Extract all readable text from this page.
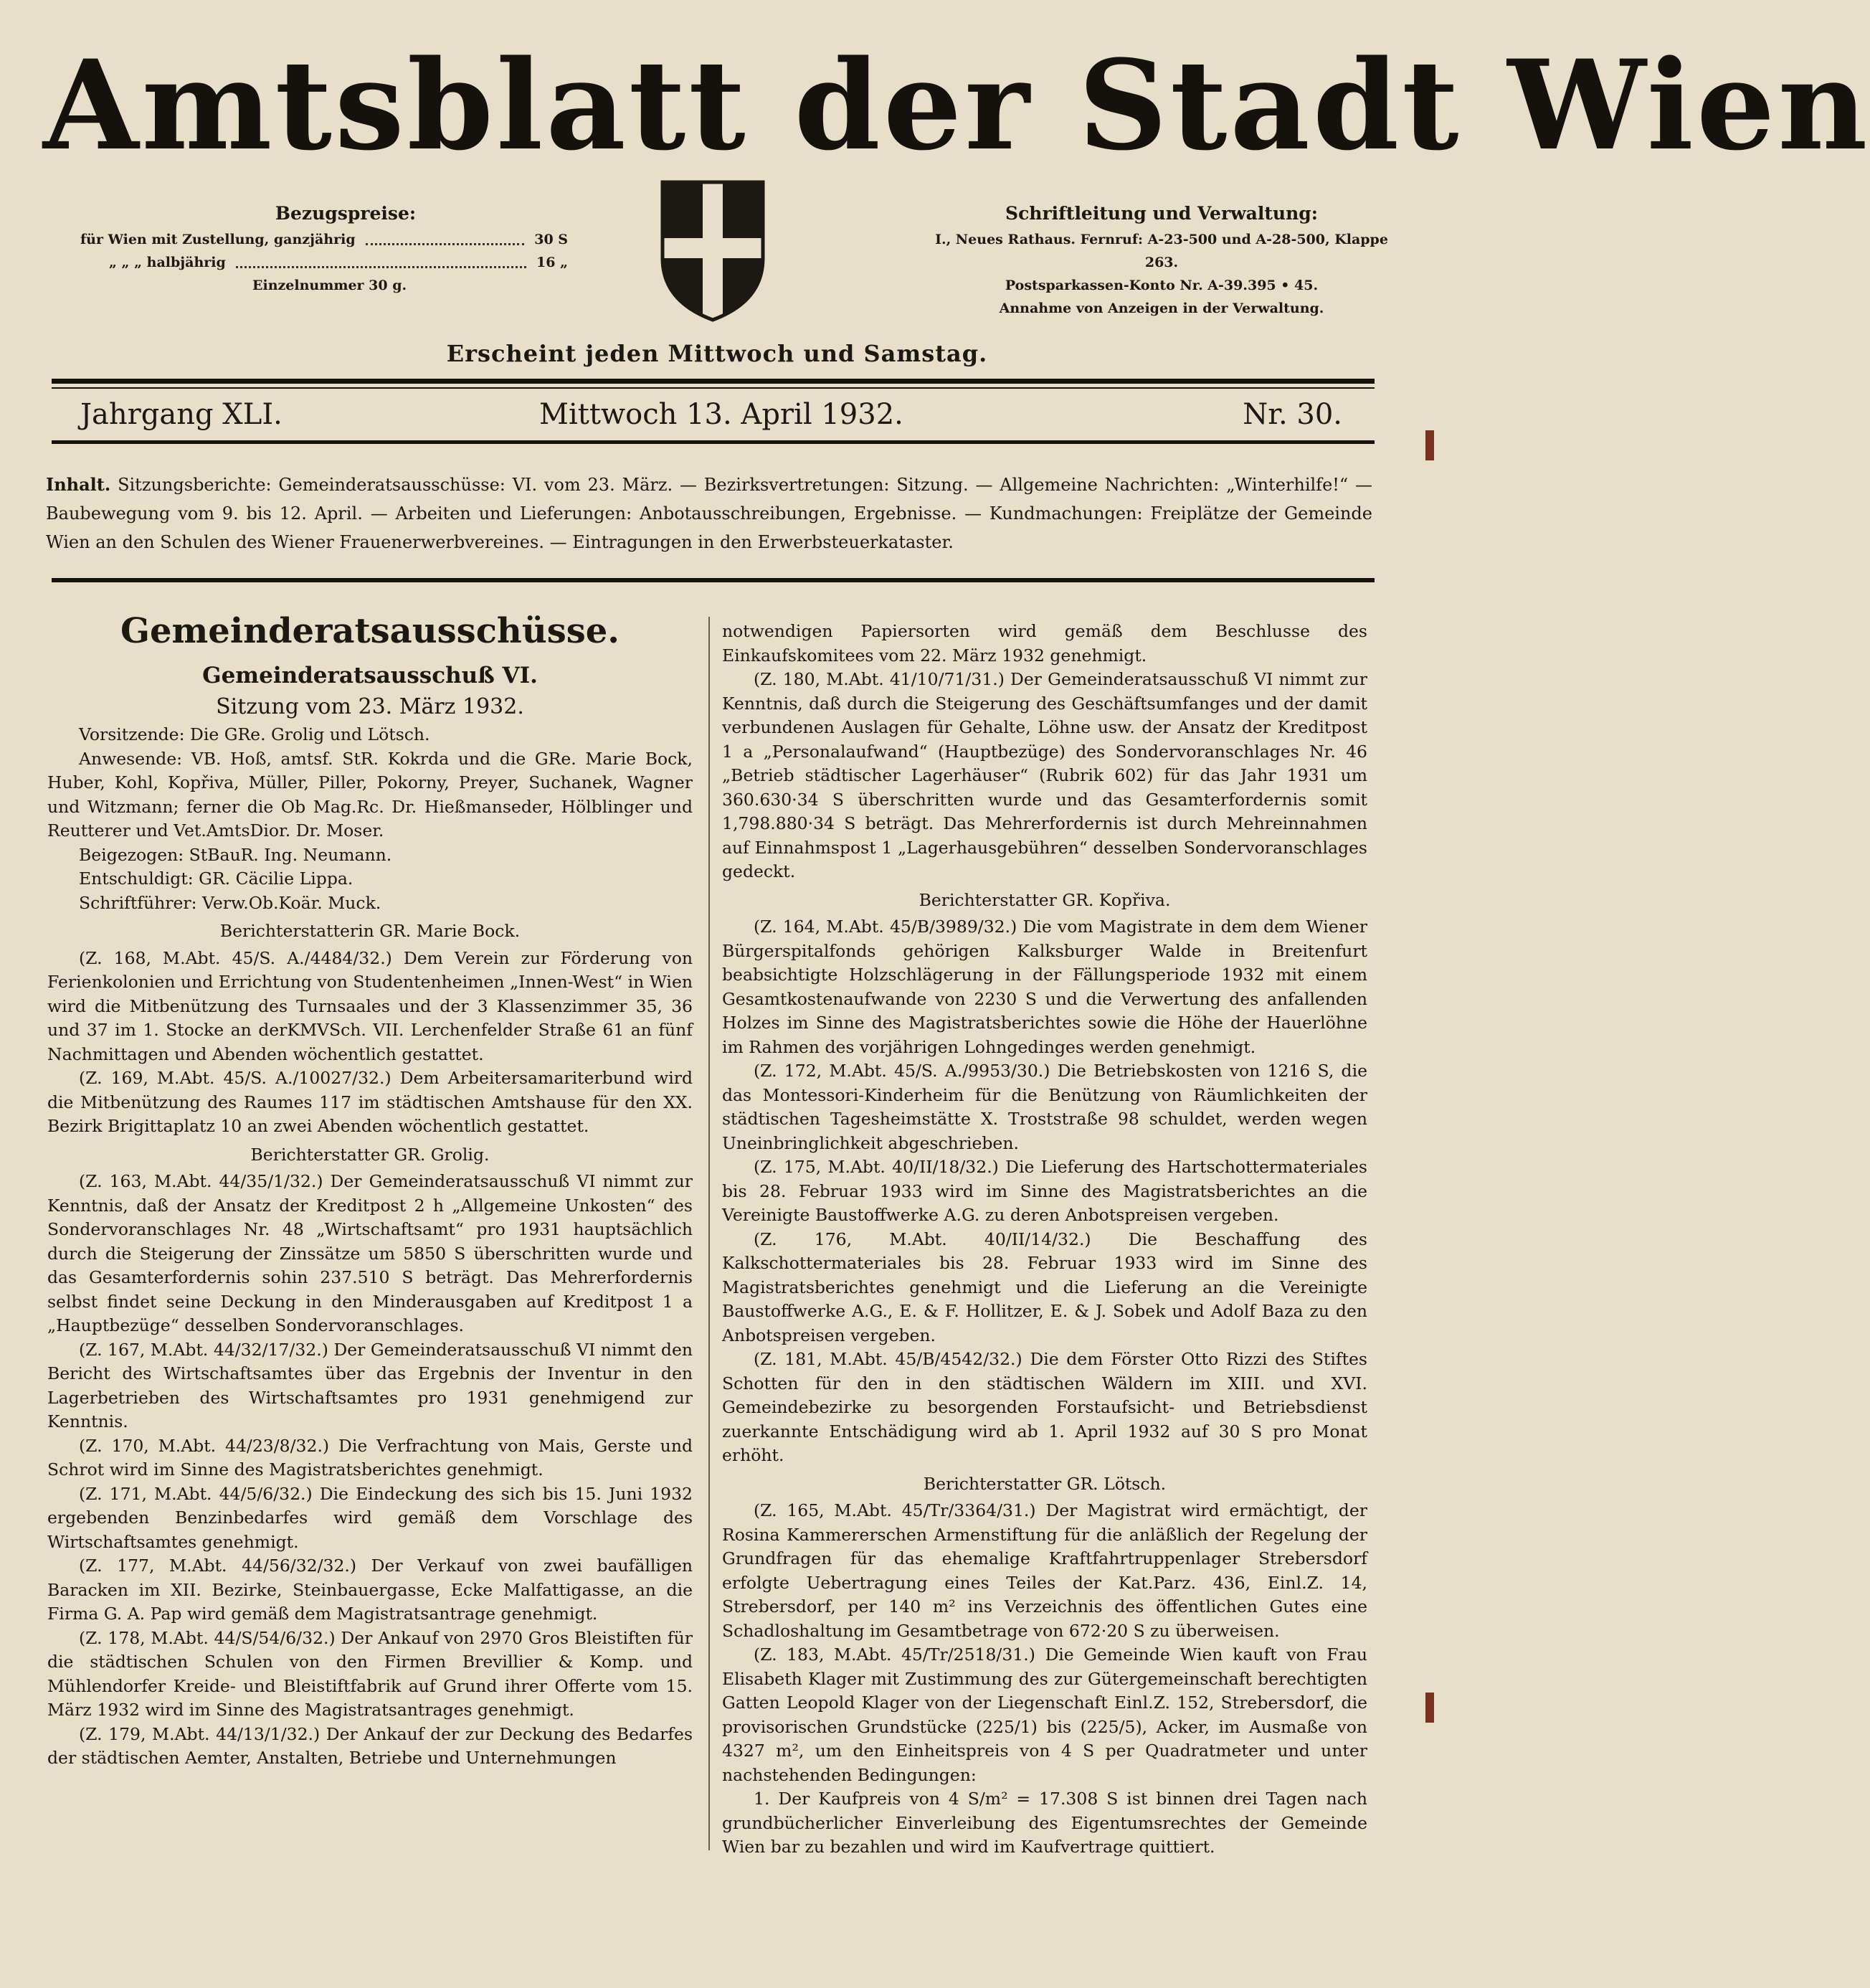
Amtsblatt der Stadt Wien
Bezugspreise:
für Wien mit Zustellung, ganzjährig	30 S
„ „ „ halbjährig	16 „
Einzelnummer 30 g.
Schriftleitung und Verwaltung:
I., Neues Rathaus. Fernruf: A-23-500 und A-28-500, Klappe 263.
Postsparkassen-Konto Nr. A-39.395 • 45.
Annahme von Anzeigen in der Verwaltung.
Erscheint jeden Mittwoch und Samstag.
Jahrgang XLI.	Mittwoch 13. April 1932.	Nr. 30.
Inhalt. Sitzungsberichte: Gemeinderatsausschüsse: VI. vom 23. März. — Bezirksvertretungen: Sitzung. — Allgemeine Nachrichten: „Winterhilfe!“ — Baubewegung vom 9. bis 12. April. — Arbeiten und Lieferungen: Anbotausschreibungen, Ergebnisse. — Kundmachungen: Freiplätze der Gemeinde Wien an den Schulen des Wiener Frauenerwerbvereines. — Eintragungen in den Erwerbsteuerkataster.

Gemeinderatsausschüsse.

Gemeinderatsausschuß VI.

Sitzung vom 23. März 1932.

Vorsitzende: Die GRe. Grolig und Lötsch.

Anwesende: VB. Hoß, amtsf. StR. Kokrda und die GRe. Marie Bock, Huber, Kohl, Kopřiva, Müller, Piller, Pokorny, Preyer, Suchanek, Wagner und Witzmann; ferner die Ob Mag.Rc. Dr. Hießmanseder, Hölblinger und Reutterer und Vet.AmtsDior. Dr. Moser.

Beigezogen: StBauR. Ing. Neumann.

Entschuldigt: GR. Cäcilie Lippa.

Schriftführer: Verw.Ob.Koär. Muck.

Berichterstatterin GR. Marie Bock.

(Z. 168, M.Abt. 45/S. A./4484/32.) Dem Verein zur Förderung von Ferienkolonien und Errichtung von Studentenheimen „Innen-West“ in Wien wird die Mitbenützung des Turnsaales und der 3 Klassenzimmer 35, 36 und 37 im 1. Stocke an derKMVSch. VII. Lerchenfelder Straße 61 an fünf Nachmittagen und Abenden wöchentlich gestattet.

(Z. 169, M.Abt. 45/S. A./10027/32.) Dem Arbeitersamariterbund wird die Mitbenützung des Raumes 117 im städtischen Amtshause für den XX. Bezirk Brigittaplatz 10 an zwei Abenden wöchentlich gestattet.

Berichterstatter GR. Grolig.

(Z. 163, M.Abt. 44/35/1/32.) Der Gemeinderatsausschuß VI nimmt zur Kenntnis, daß der Ansatz der Kreditpost 2 h „Allgemeine Unkosten“ des Sondervoranschlages Nr. 48 „Wirtschaftsamt“ pro 1931 hauptsächlich durch die Steigerung der Zinssätze um 5850 S überschritten wurde und das Gesamterfordernis sohin 237.510 S beträgt. Das Mehrerfordernis selbst findet seine Deckung in den Minderausgaben auf Kreditpost 1 a „Hauptbezüge“ desselben Sondervoranschlages.

(Z. 167, M.Abt. 44/32/17/32.) Der Gemeinderatsausschuß VI nimmt den Bericht des Wirtschaftsamtes über das Ergebnis der Inventur in den Lagerbetrieben des Wirtschaftsamtes pro 1931 genehmigend zur Kenntnis.

(Z. 170, M.Abt. 44/23/8/32.) Die Verfrachtung von Mais, Gerste und Schrot wird im Sinne des Magistratsberichtes genehmigt.

(Z. 171, M.Abt. 44/5/6/32.) Die Eindeckung des sich bis 15. Juni 1932 ergebenden Benzinbedarfes wird gemäß dem Vorschlage des Wirtschaftsamtes genehmigt.

(Z. 177, M.Abt. 44/56/32/32.) Der Verkauf von zwei baufälligen Baracken im XII. Bezirke, Steinbauergasse, Ecke Malfattigasse, an die Firma G. A. Pap wird gemäß dem Magistratsantrage genehmigt.

(Z. 178, M.Abt. 44/S/54/6/32.) Der Ankauf von 2970 Gros Bleistiften für die städtischen Schulen von den Firmen Brevillier & Komp. und Mühlendorfer Kreide- und Bleistiftfabrik auf Grund ihrer Offerte vom 15. März 1932 wird im Sinne des Magistratsantrages genehmigt.

(Z. 179, M.Abt. 44/13/1/32.) Der Ankauf der zur Deckung des Bedarfes der städtischen Aemter, Anstalten, Betriebe und Unternehmungen

notwendigen Papiersorten wird gemäß dem Beschlusse des Einkaufskomitees vom 22. März 1932 genehmigt.

(Z. 180, M.Abt. 41/10/71/31.) Der Gemeinderatsausschuß VI nimmt zur Kenntnis, daß durch die Steigerung des Geschäftsumfanges und der damit verbundenen Auslagen für Gehalte, Löhne usw. der Ansatz der Kreditpost 1 a „Personalaufwand“ (Hauptbezüge) des Sondervoranschlages Nr. 46 „Betrieb städtischer Lagerhäuser“ (Rubrik 602) für das Jahr 1931 um 360.630·34 S überschritten wurde und das Gesamterfordernis somit 1,798.880·34 S beträgt. Das Mehrerfordernis ist durch Mehreinnahmen auf Einnahmspost 1 „Lagerhausgebühren“ desselben Sondervoranschlages gedeckt.

Berichterstatter GR. Kopřiva.

(Z. 164, M.Abt. 45/B/3989/32.) Die vom Magistrate in dem dem Wiener Bürgerspitalfonds gehörigen Kalksburger Walde in Breitenfurt beabsichtigte Holzschlägerung in der Fällungsperiode 1932 mit einem Gesamtkostenaufwande von 2230 S und die Verwertung des anfallenden Holzes im Sinne des Magistratsberichtes sowie die Höhe der Hauerlöhne im Rahmen des vorjährigen Lohngedinges werden genehmigt.

(Z. 172, M.Abt. 45/S. A./9953/30.) Die Betriebskosten von 1216 S, die das Montessori-Kinderheim für die Benützung von Räumlichkeiten der städtischen Tagesheimstätte X. Troststraße 98 schuldet, werden wegen Uneinbringlichkeit abgeschrieben.

(Z. 175, M.Abt. 40/II/18/32.) Die Lieferung des Hartschottermateriales bis 28. Februar 1933 wird im Sinne des Magistratsberichtes an die Vereinigte Baustoffwerke A.G. zu deren Anbotspreisen vergeben.

(Z. 176, M.Abt. 40/II/14/32.) Die Beschaffung des Kalkschottermateriales bis 28. Februar 1933 wird im Sinne des Magistratsberichtes genehmigt und die Lieferung an die Vereinigte Baustoffwerke A.G., E. & F. Hollitzer, E. & J. Sobek und Adolf Baza zu den Anbotspreisen vergeben.

(Z. 181, M.Abt. 45/B/4542/32.) Die dem Förster Otto Rizzi des Stiftes Schotten für den in den städtischen Wäldern im XIII. und XVI. Gemeindebezirke zu besorgenden Forstaufsicht- und Betriebsdienst zuerkannte Entschädigung wird ab 1. April 1932 auf 30 S pro Monat erhöht.

Berichterstatter GR. Lötsch.

(Z. 165, M.Abt. 45/Tr/3364/31.) Der Magistrat wird ermächtigt, der Rosina Kammererschen Armenstiftung für die anläßlich der Regelung der Grundfragen für das ehemalige Kraftfahrtruppenlager Strebersdorf erfolgte Uebertragung eines Teiles der Kat.Parz. 436, Einl.Z. 14, Strebersdorf, per 140 m² ins Verzeichnis des öffentlichen Gutes eine Schadloshaltung im Gesamtbetrage von 672·20 S zu überweisen.

(Z. 183, M.Abt. 45/Tr/2518/31.) Die Gemeinde Wien kauft von Frau Elisabeth Klager mit Zustimmung des zur Gütergemeinschaft berechtigten Gatten Leopold Klager von der Liegenschaft Einl.Z. 152, Strebersdorf, die provisorischen Grundstücke (225/1) bis (225/5), Acker, im Ausmaße von 4327 m², um den Einheitspreis von 4 S per Quadratmeter und unter nachstehenden Bedingungen:

1. Der Kaufpreis von 4 S/m² = 17.308 S ist binnen drei Tagen nach grundbücherlicher Einverleibung des Eigentumsrechtes der Gemeinde Wien bar zu bezahlen und wird im Kaufvertrage quittiert.
